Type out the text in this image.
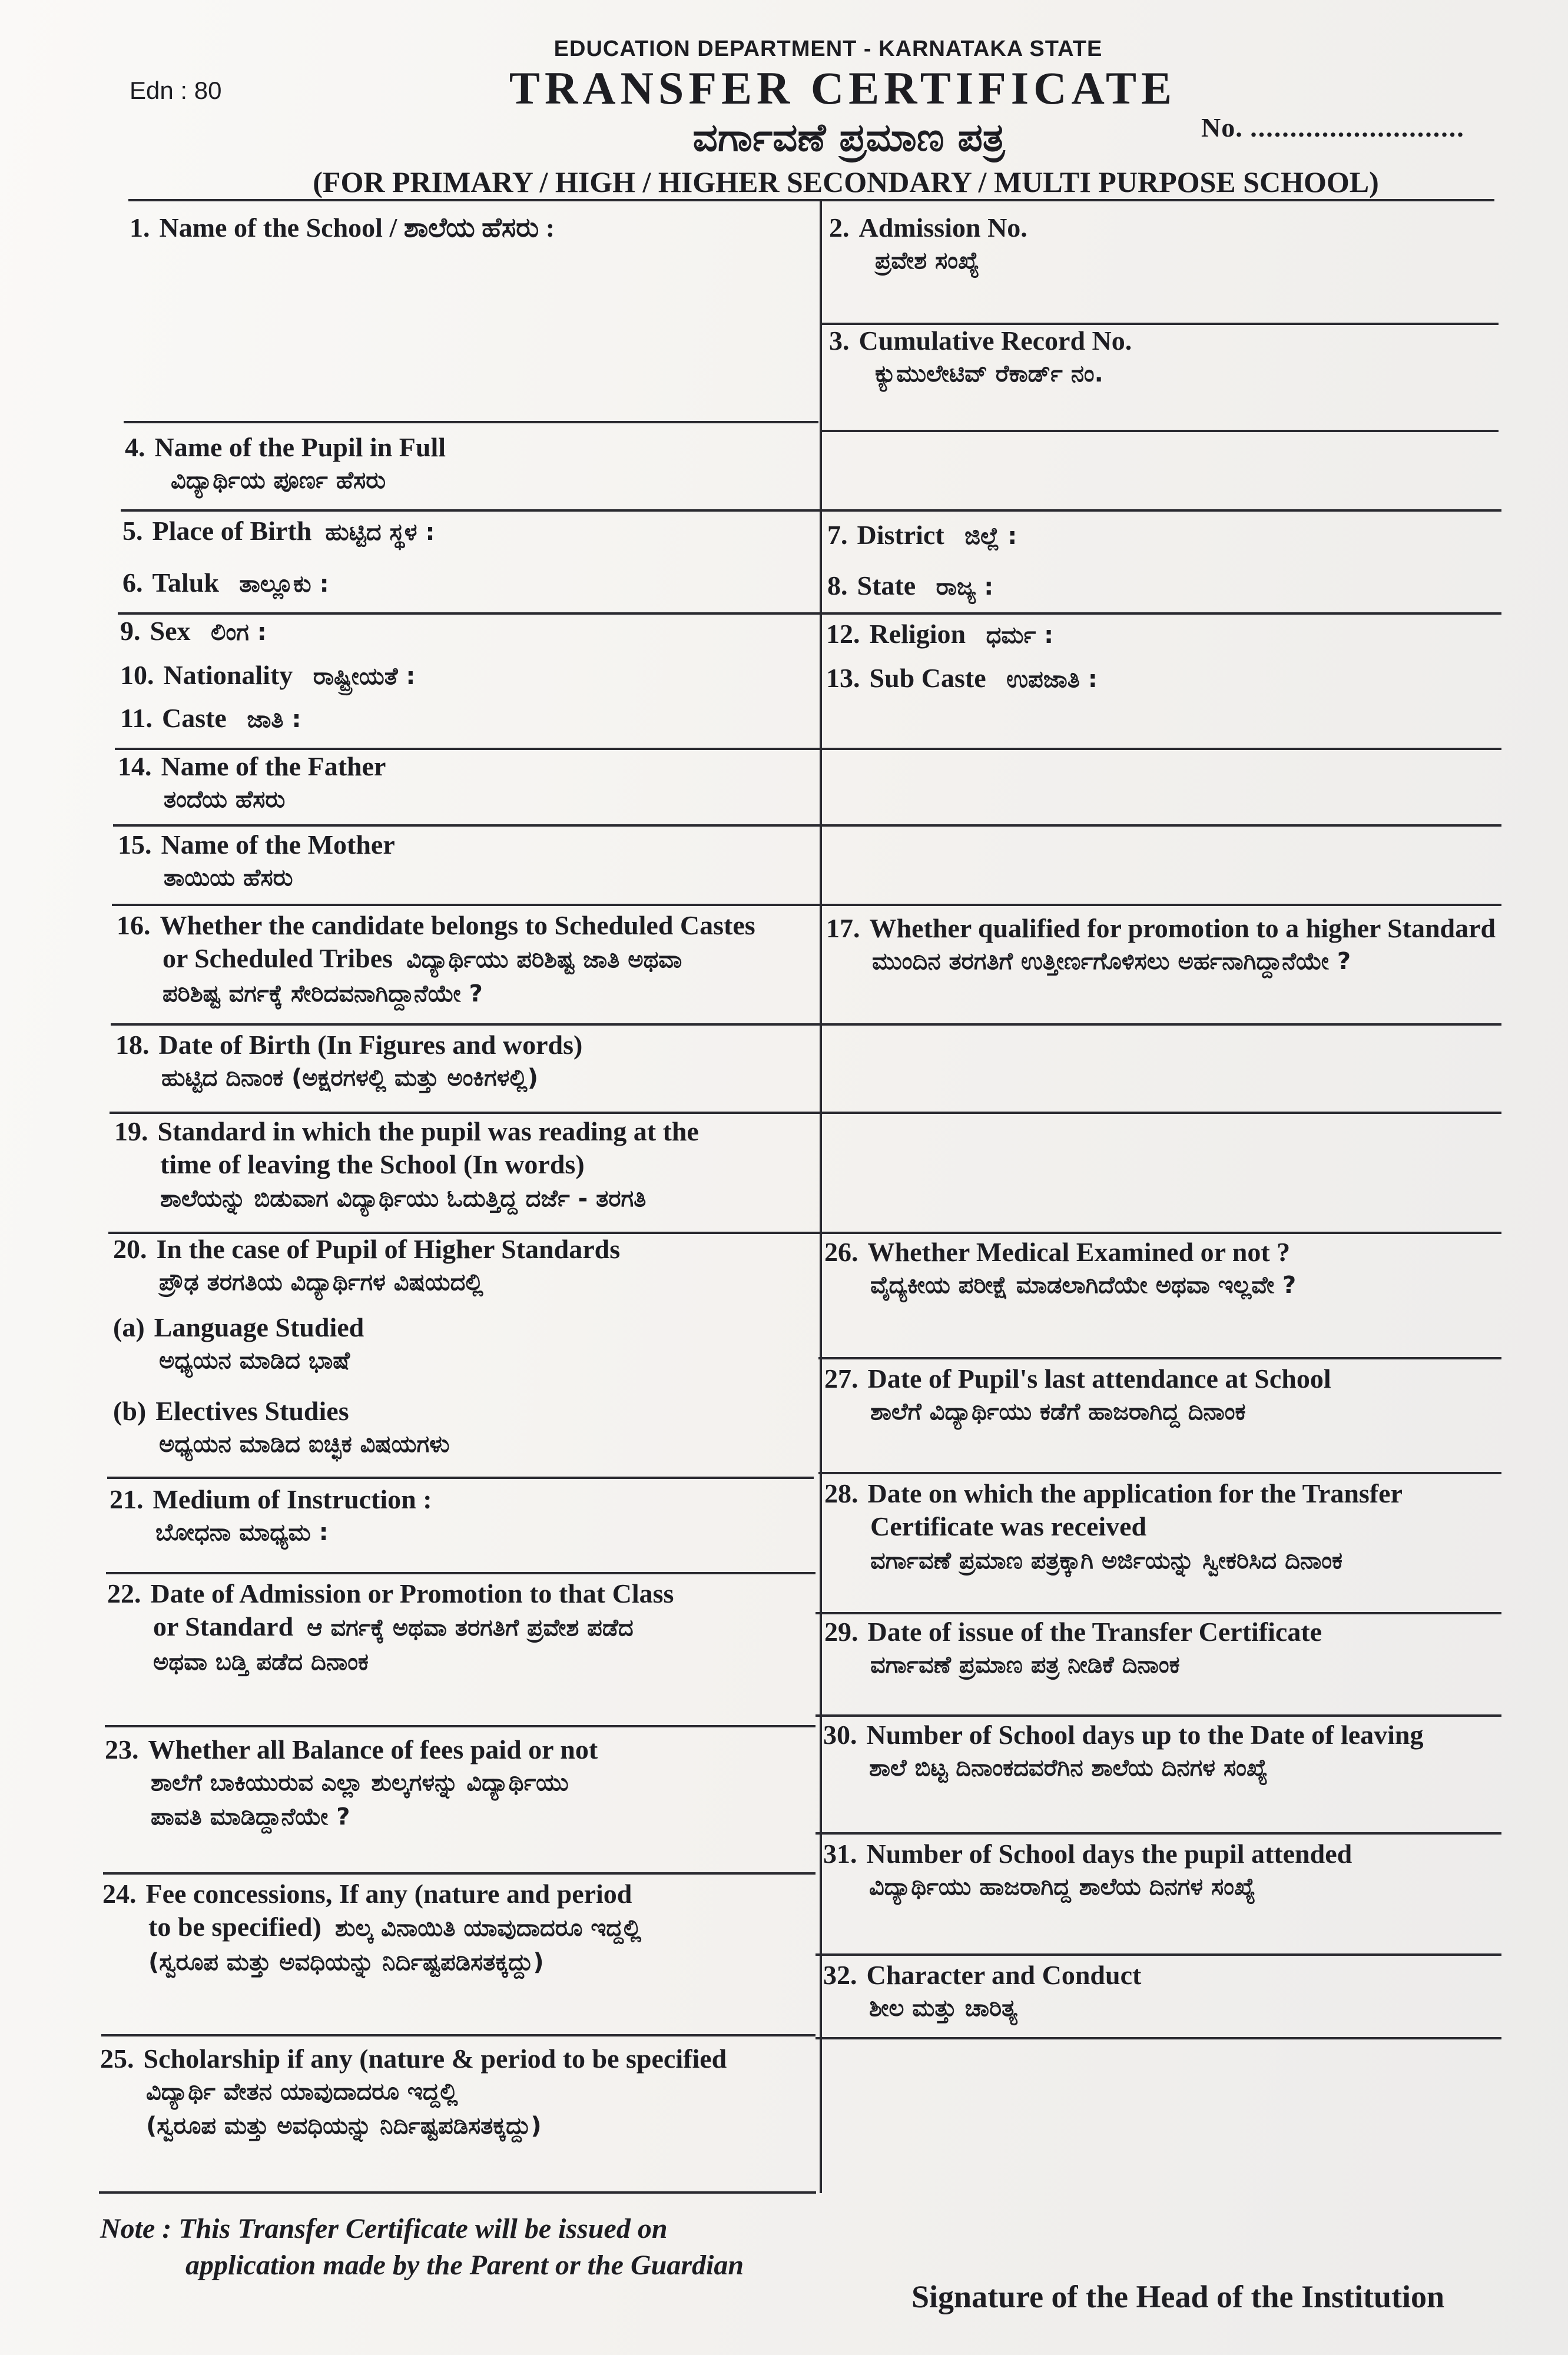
EDUCATION DEPARTMENT - KARNATAKA STATE
Edn : 80	TRANSFER CERTIFICATE
ವರ್ಗಾವಣೆ ಪ್ರಮಾಣ ಪತ್ರ	No. ...........................
(FOR PRIMARY / HIGH / HIGHER SECONDARY / MULTI PURPOSE SCHOOL)
1. Name of the School / ಶಾಲೆಯ ಹೆಸರು :
4. Name of the Pupil in Full
ವಿದ್ಯಾರ್ಥಿಯ ಪೂರ್ಣ ಹೆಸರು
5. Place of Birth ಹುಟ್ಟಿದ ಸ್ಥಳ :
6. Taluk ತಾಲ್ಲೂಕು :
9. Sex ಲಿಂಗ :
10. Nationality ರಾಷ್ಟ್ರೀಯತೆ :
11. Caste ಜಾತಿ :
14. Name of the Father
ತಂದೆಯ ಹೆಸರು
15. Name of the Mother
ತಾಯಿಯ ಹೆಸರು
16. Whether the candidate belongs to Scheduled Castes
or Scheduled Tribes ವಿದ್ಯಾರ್ಥಿಯು ಪರಿಶಿಷ್ಟ ಜಾತಿ ಅಥವಾ
ಪರಿಶಿಷ್ಟ ವರ್ಗಕ್ಕೆ ಸೇರಿದವನಾಗಿದ್ದಾನೆಯೇ ?
18. Date of Birth (In Figures and words)
ಹುಟ್ಟಿದ ದಿನಾಂಕ (ಅಕ್ಷರಗಳಲ್ಲಿ ಮತ್ತು ಅಂಕಿಗಳಲ್ಲಿ)
19. Standard in which the pupil was reading at the
time of leaving the School (In words)
ಶಾಲೆಯನ್ನು ಬಿಡುವಾಗ ವಿದ್ಯಾರ್ಥಿಯು ಓದುತ್ತಿದ್ದ ದರ್ಜೆ - ತರಗತಿ
20. In the case of Pupil of Higher Standards
ಪ್ರೌಢ ತರಗತಿಯ ವಿದ್ಯಾರ್ಥಿಗಳ ವಿಷಯದಲ್ಲಿ
(a) Language Studied
ಅಧ್ಯಯನ ಮಾಡಿದ ಭಾಷೆ
(b) Electives Studies
ಅಧ್ಯಯನ ಮಾಡಿದ ಐಚ್ಛಿಕ ವಿಷಯಗಳು
21. Medium of Instruction :
ಬೋಧನಾ ಮಾಧ್ಯಮ :
22. Date of Admission or Promotion to that Class
or Standard ಆ ವರ್ಗಕ್ಕೆ ಅಥವಾ ತರಗತಿಗೆ ಪ್ರವೇಶ ಪಡೆದ
ಅಥವಾ ಬಡ್ತಿ ಪಡೆದ ದಿನಾಂಕ
23. Whether all Balance of fees paid or not
ಶಾಲೆಗೆ ಬಾಕಿಯುರುವ ಎಲ್ಲಾ ಶುಲ್ಕಗಳನ್ನು ವಿದ್ಯಾರ್ಥಿಯು
ಪಾವತಿ ಮಾಡಿದ್ದಾನೆಯೇ ?
24. Fee concessions, If any (nature and period
to be specified) ಶುಲ್ಕ ವಿನಾಯಿತಿ ಯಾವುದಾದರೂ ಇದ್ದಲ್ಲಿ
(ಸ್ವರೂಪ ಮತ್ತು ಅವಧಿಯನ್ನು ನಿರ್ದಿಷ್ಟಪಡಿಸತಕ್ಕದ್ದು)
25. Scholarship if any (nature & period to be specified
ವಿದ್ಯಾರ್ಥಿ ವೇತನ ಯಾವುದಾದರೂ ಇದ್ದಲ್ಲಿ
(ಸ್ವರೂಪ ಮತ್ತು ಅವಧಿಯನ್ನು ನಿರ್ದಿಷ್ಟಪಡಿಸತಕ್ಕದ್ದು)
2. Admission No.
ಪ್ರವೇಶ ಸಂಖ್ಯೆ
3. Cumulative Record No.
ಕ್ಯುಮುಲೇಟಿವ್ ರೆಕಾರ್ಡ್ ನಂ.
7. District ಜಿಲ್ಲೆ :
8. State ರಾಜ್ಯ :
12. Religion ಧರ್ಮ :
13. Sub Caste ಉಪಜಾತಿ :
17. Whether qualified for promotion to a higher Standard
ಮುಂದಿನ ತರಗತಿಗೆ ಉತ್ತೀರ್ಣಗೊಳಿಸಲು ಅರ್ಹನಾಗಿದ್ದಾನೆಯೇ ?
26. Whether Medical Examined or not ?
ವೈದ್ಯಕೀಯ ಪರೀಕ್ಷೆ ಮಾಡಲಾಗಿದೆಯೇ ಅಥವಾ ಇಲ್ಲವೇ ?
27. Date of Pupil's last attendance at School
ಶಾಲೆಗೆ ವಿದ್ಯಾರ್ಥಿಯು ಕಡೆಗೆ ಹಾಜರಾಗಿದ್ದ ದಿನಾಂಕ
28. Date on which the application for the Transfer
Certificate was received
ವರ್ಗಾವಣೆ ಪ್ರಮಾಣ ಪತ್ರಕ್ಕಾಗಿ ಅರ್ಜಿಯನ್ನು ಸ್ವೀಕರಿಸಿದ ದಿನಾಂಕ
29. Date of issue of the Transfer Certificate
ವರ್ಗಾವಣೆ ಪ್ರಮಾಣ ಪತ್ರ ನೀಡಿಕೆ ದಿನಾಂಕ
30. Number of School days up to the Date of leaving
ಶಾಲೆ ಬಿಟ್ಟ ದಿನಾಂಕದವರೆಗಿನ ಶಾಲೆಯ ದಿನಗಳ ಸಂಖ್ಯೆ
31. Number of School days the pupil attended
ವಿದ್ಯಾರ್ಥಿಯು ಹಾಜರಾಗಿದ್ದ ಶಾಲೆಯ ದಿನಗಳ ಸಂಖ್ಯೆ
32. Character and Conduct
ಶೀಲ ಮತ್ತು ಚಾರಿತ್ಯ
Note : This Transfer Certificate will be issued on
application made by the Parent or the Guardian
Signature of the Head of the Institution
